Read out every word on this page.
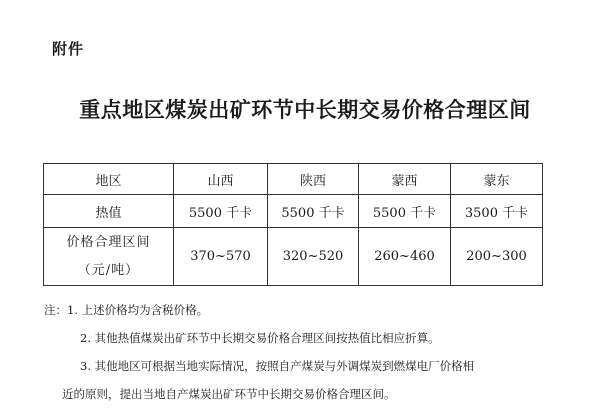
附件
重点地区煤炭出矿环节中长期交易价格合理区间
地区	山西	陕西	蒙西	蒙东
热值	5500 千卡	5500 千卡	5500 千卡	3500 千卡

价格合理区间
（元/吨）	370~570	320~520	260~460	200~300
注：1. 上述价格均为含税价格。
2. 其他热值煤炭出矿环节中长期交易价格合理区间按热值比相应折算。
3. 其他地区可根据当地实际情况，按照自产煤炭与外调煤炭到燃煤电厂价格相
近的原则，提出当地自产煤炭出矿环节中长期交易价格合理区间。
